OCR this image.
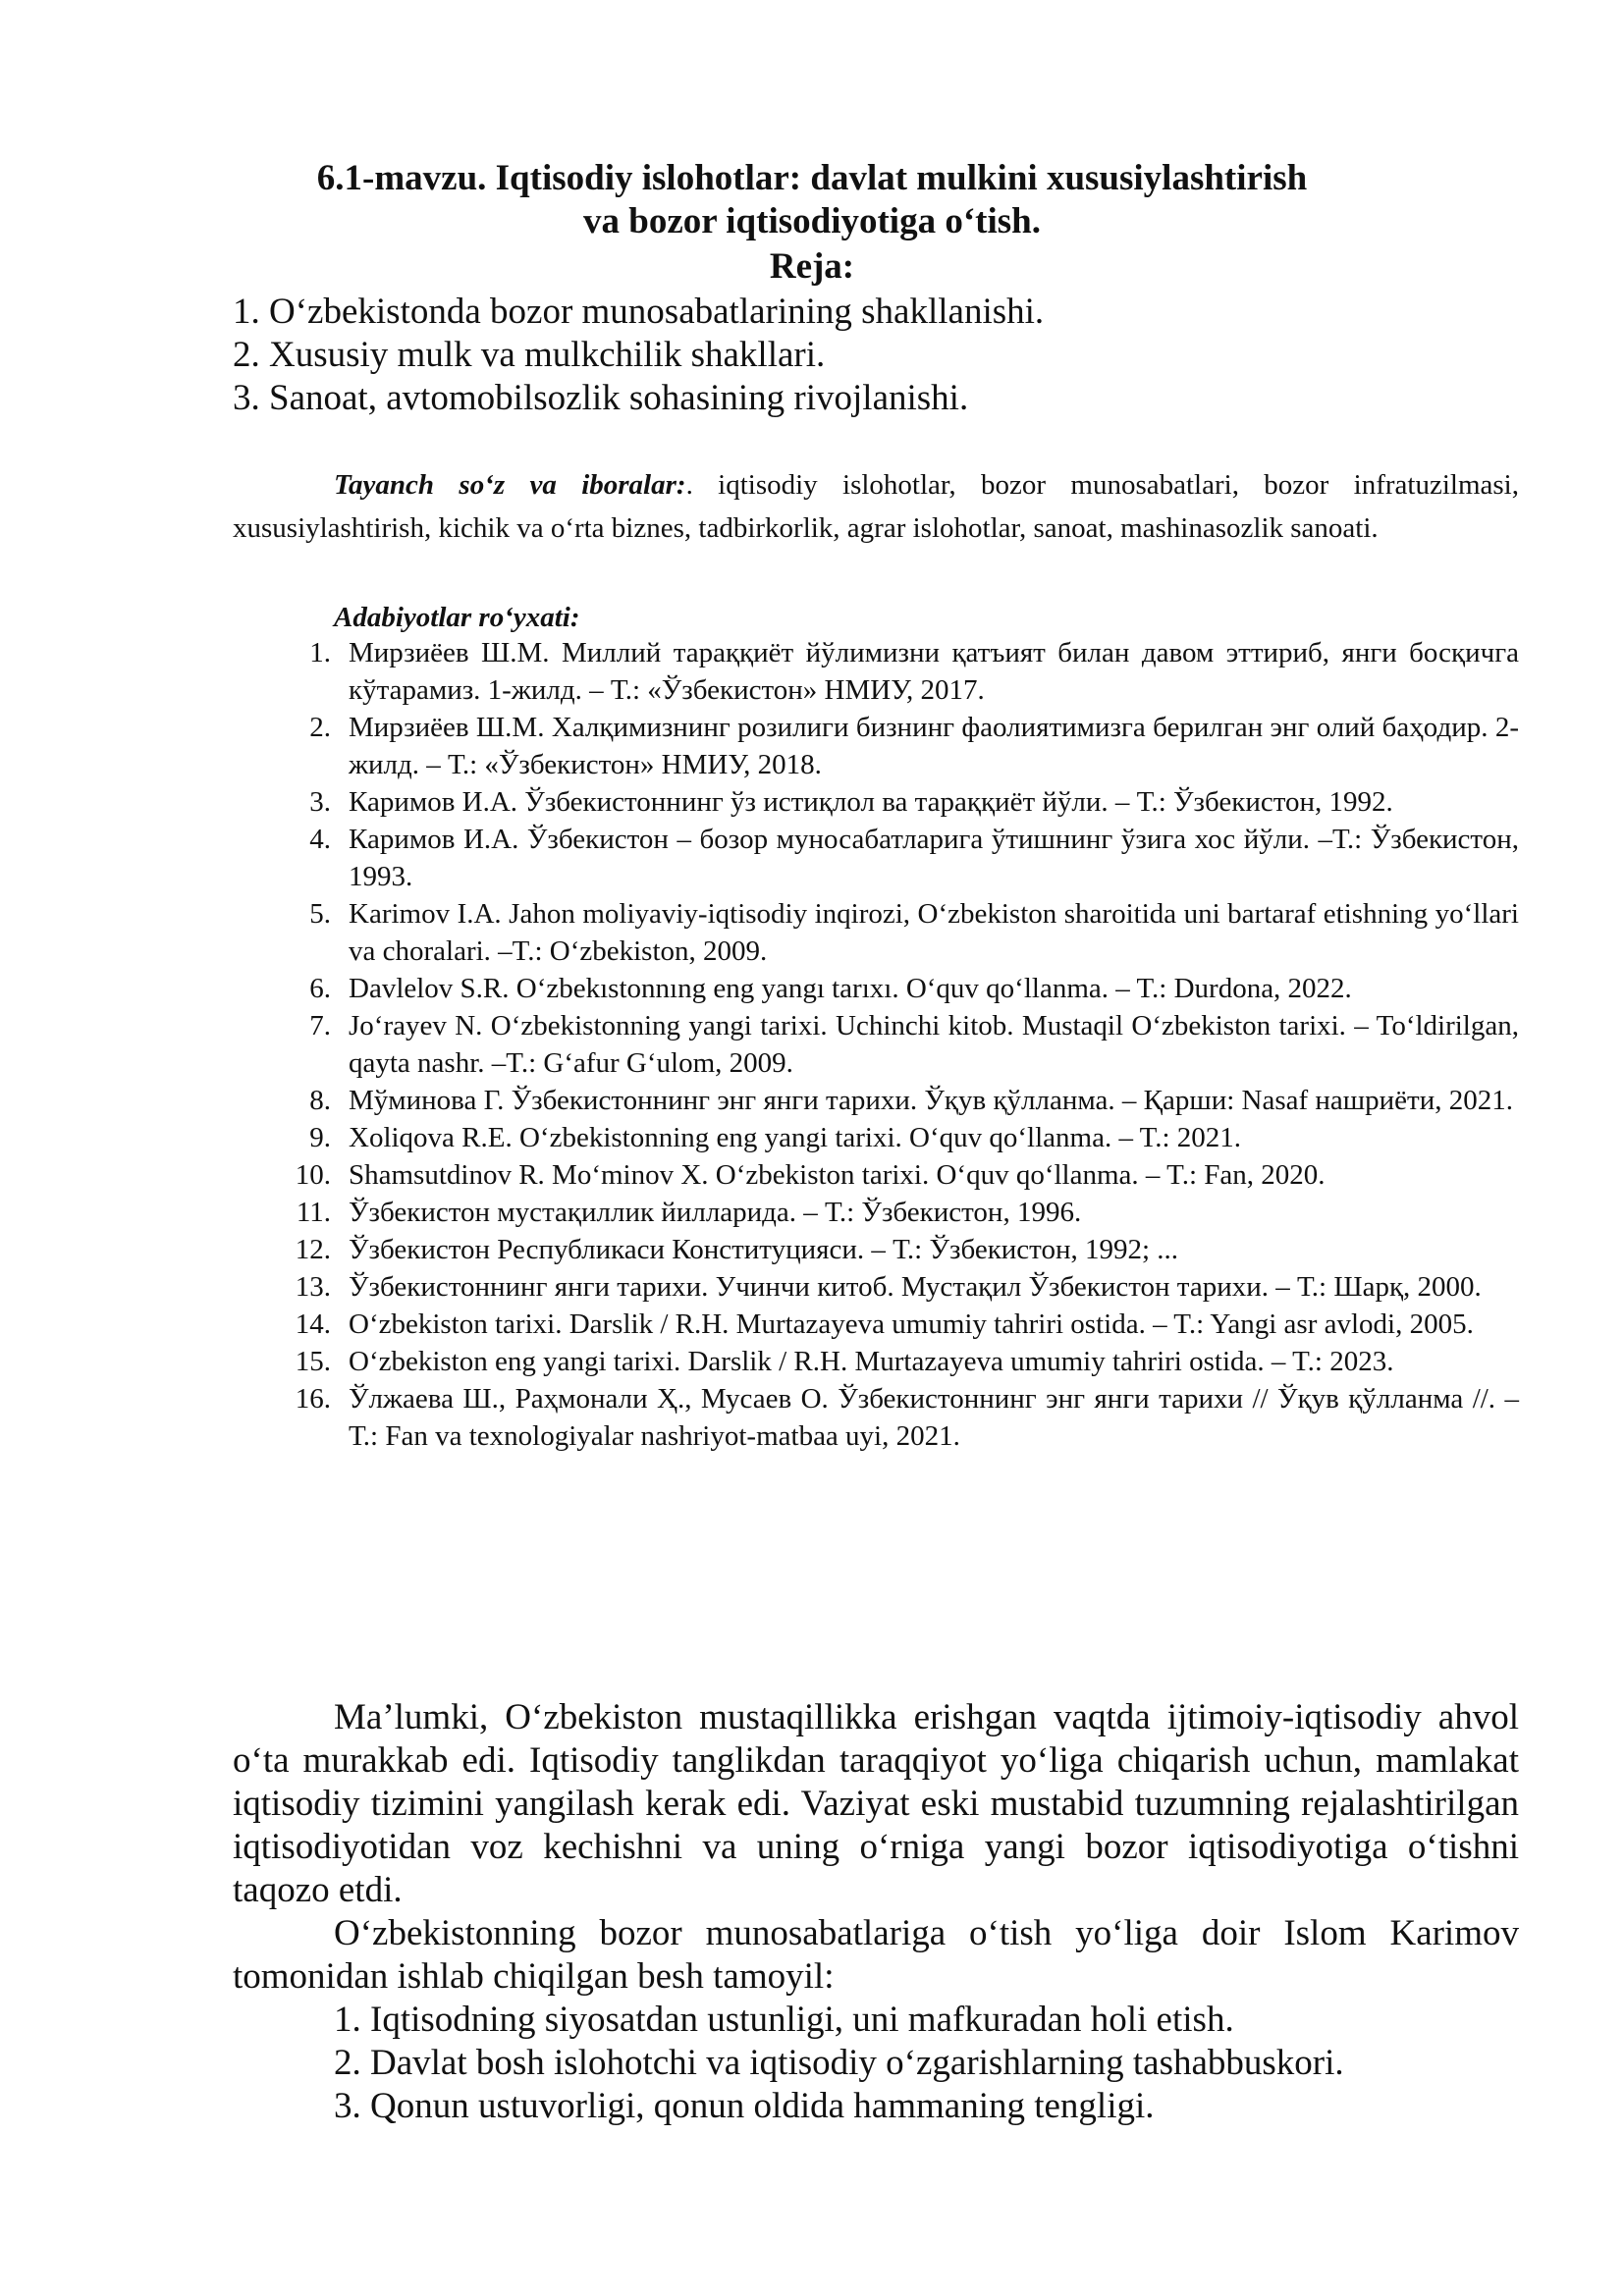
6.1-mavzu. Iqtisodiy islohotlar: davlat mulkini xususiylashtirish
va bozor iqtisodiyotiga o‘tish.
Reja:
1. O‘zbekistonda bozor munosabatlarining shakllanishi.
2. Xususiy mulk va mulkchilik shakllari.
3. Sanoat, avtomobilsozlik sohasining rivojlanishi.
Tayanch so‘z va iboralar:. iqtisodiy islohotlar, bozor munosabatlari, bozor infratuzilmasi, xususiylashtirish, kichik va o‘rta biznes, tadbirkorlik, agrar islohotlar, sanoat, mashinasozlik sanoati.
Adabiyotlar ro‘yxati:
1. Мирзиёев Ш.М. Миллий тараққиёт йўлимизни қатъият билан давом эттириб, янги босқичга кўтарамиз. 1-жилд. – Т.: «Ўзбекистон» НМИУ, 2017.
2. Мирзиёев Ш.М. Халқимизнинг розилиги бизнинг фаолиятимизга берилган энг олий баҳодир. 2-жилд. – Т.: «Ўзбекистон» НМИУ, 2018.
3. Каримов И.А. Ўзбекистоннинг ўз истиқлол ва тараққиёт йўли. – Т.: Ўзбекистон, 1992.
4. Каримов И.А. Ўзбекистон – бозор муносабатларига ўтишнинг ўзига хос йўли. –Т.: Ўзбекистон, 1993.
5. Karimov I.A. Jahon moliyaviy-iqtisodiy inqirozi, O‘zbekiston sharoitida uni bartaraf etishning yo‘llari va choralari. –T.: O‘zbekiston, 2009.
6. Davlelov S.R. O‘zbekıstonnıng eng yangı tarıxı. O‘quv qo‘llanma. – T.: Durdona, 2022.
7. Jo‘rayev N. O‘zbekistonning yangi tarixi. Uchinchi kitob. Mustaqil O‘zbekiston tarixi. – To‘ldirilgan, qayta nashr. –T.: G‘afur G‘ulom, 2009.
8. Мўминова Г. Ўзбекистоннинг энг янги тарихи. Ўқув қўлланма. – Қарши: Nasaf нашриёти, 2021.
9. Xoliqova R.E. O‘zbekistonning eng yangi tarixi. O‘quv qo‘llanma. – T.: 2021.
10. Shamsutdinov R. Mo‘minov X. O‘zbekiston tarixi. O‘quv qo‘llanma. – T.: Fan, 2020.
11. Ўзбекистон мустақиллик йилларида. – Т.: Ўзбекистон, 1996.
12. Ўзбекистон Республикаси Конституцияси. – Т.: Ўзбекистон, 1992; ...
13. Ўзбекистоннинг янги тарихи. Учинчи китоб. Мустақил Ўзбекистон тарихи. – Т.: Шарқ, 2000.
14. O‘zbekiston tarixi. Darslik / R.H. Murtazayeva umumiy tahriri ostida. – T.: Yangi asr avlodi, 2005.
15. O‘zbekiston eng yangi tarixi. Darslik / R.H. Murtazayeva umumiy tahriri ostida. – T.: 2023.
16. Ўлжаева Ш., Раҳмонали Ҳ., Мусаев О. Ўзбекистоннинг энг янги тарихи // Ўқув қўлланма //. – Т.: Fan va texnologiyalar nashriyot-matbaa uyi, 2021.
Ma’lumki, O‘zbekiston mustaqillikka erishgan vaqtda ijtimoiy-iqtisodiy ahvol o‘ta murakkab edi. Iqtisodiy tanglikdan taraqqiyot yo‘liga chiqarish uchun, mamlakat iqtisodiy tizimini yangilash kerak edi. Vaziyat eski mustabid tuzumning rejalashtirilgan iqtisodiyotidan voz kechishni va uning o‘rniga yangi bozor iqtisodiyotiga o‘tishni taqozo etdi.
O‘zbekistonning bozor munosabatlariga o‘tish yo‘liga doir Islom Karimov tomonidan ishlab chiqilgan besh tamoyil:
1. Iqtisodning siyosatdan ustunligi, uni mafkuradan holi etish.
2. Davlat bosh islohotchi va iqtisodiy o‘zgarishlarning tashabbuskori.
3. Qonun ustuvorligi, qonun oldida hammaning tengligi.
